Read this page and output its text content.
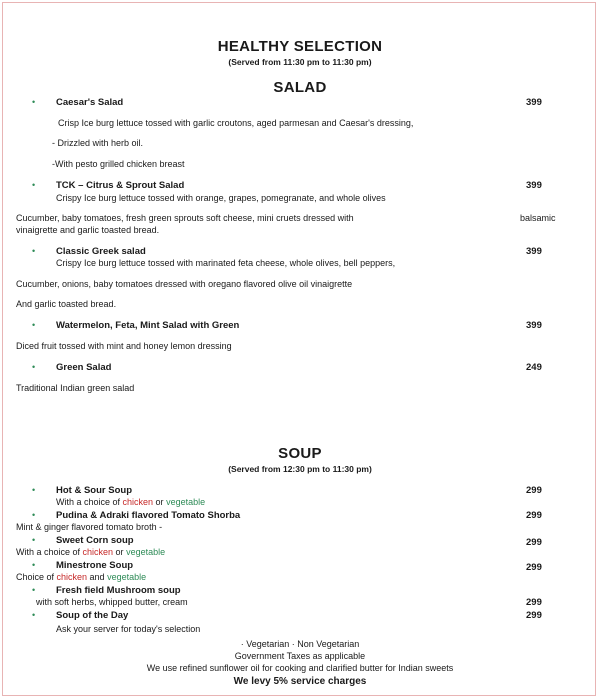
HEALTHY SELECTION
(Served from 11:30 pm to 11:30 pm)
SALAD
• Caesar's Salad	399
Crisp Ice burg lettuce tossed with garlic croutons, aged parmesan and Caesar's dressing,
- Drizzled with herb oil.
-With pesto grilled chicken breast
• TCK – Citrus & Sprout Salad	399
Crispy Ice burg lettuce tossed with orange, grapes, pomegranate, and whole olives
Cucumber, baby tomatoes, fresh green sprouts soft cheese, mini cruets dressed with	balsamic
vinaigrette and garlic toasted bread.
• Classic Greek salad	399
Crispy Ice burg lettuce tossed with marinated feta cheese, whole olives, bell peppers,
Cucumber, onions, baby tomatoes dressed with oregano flavored olive oil vinaigrette
And garlic toasted bread.
• Watermelon, Feta, Mint Salad with Green	399
Diced fruit tossed with mint and honey lemon dressing
• Green Salad	249
Traditional Indian green salad
SOUP
(Served from 12:30 pm to 11:30 pm)
• Hot & Sour Soup	299
With a choice of chicken or vegetable
• Pudina & Adraki flavored Tomato Shorba	299
Mint & ginger flavored tomato broth -
• Sweet Corn soup	299
With a choice of chicken or vegetable
• Minestrone Soup	299
Choice of chicken and vegetable
• Fresh field Mushroom soup
with soft herbs, whipped butter, cream	299
• Soup of the Day	299
Ask your server for today's selection
· Vegetarian · Non Vegetarian
Government Taxes as applicable
We use refined sunflower oil for cooking and clarified butter for Indian sweets
We levy 5% service charges
